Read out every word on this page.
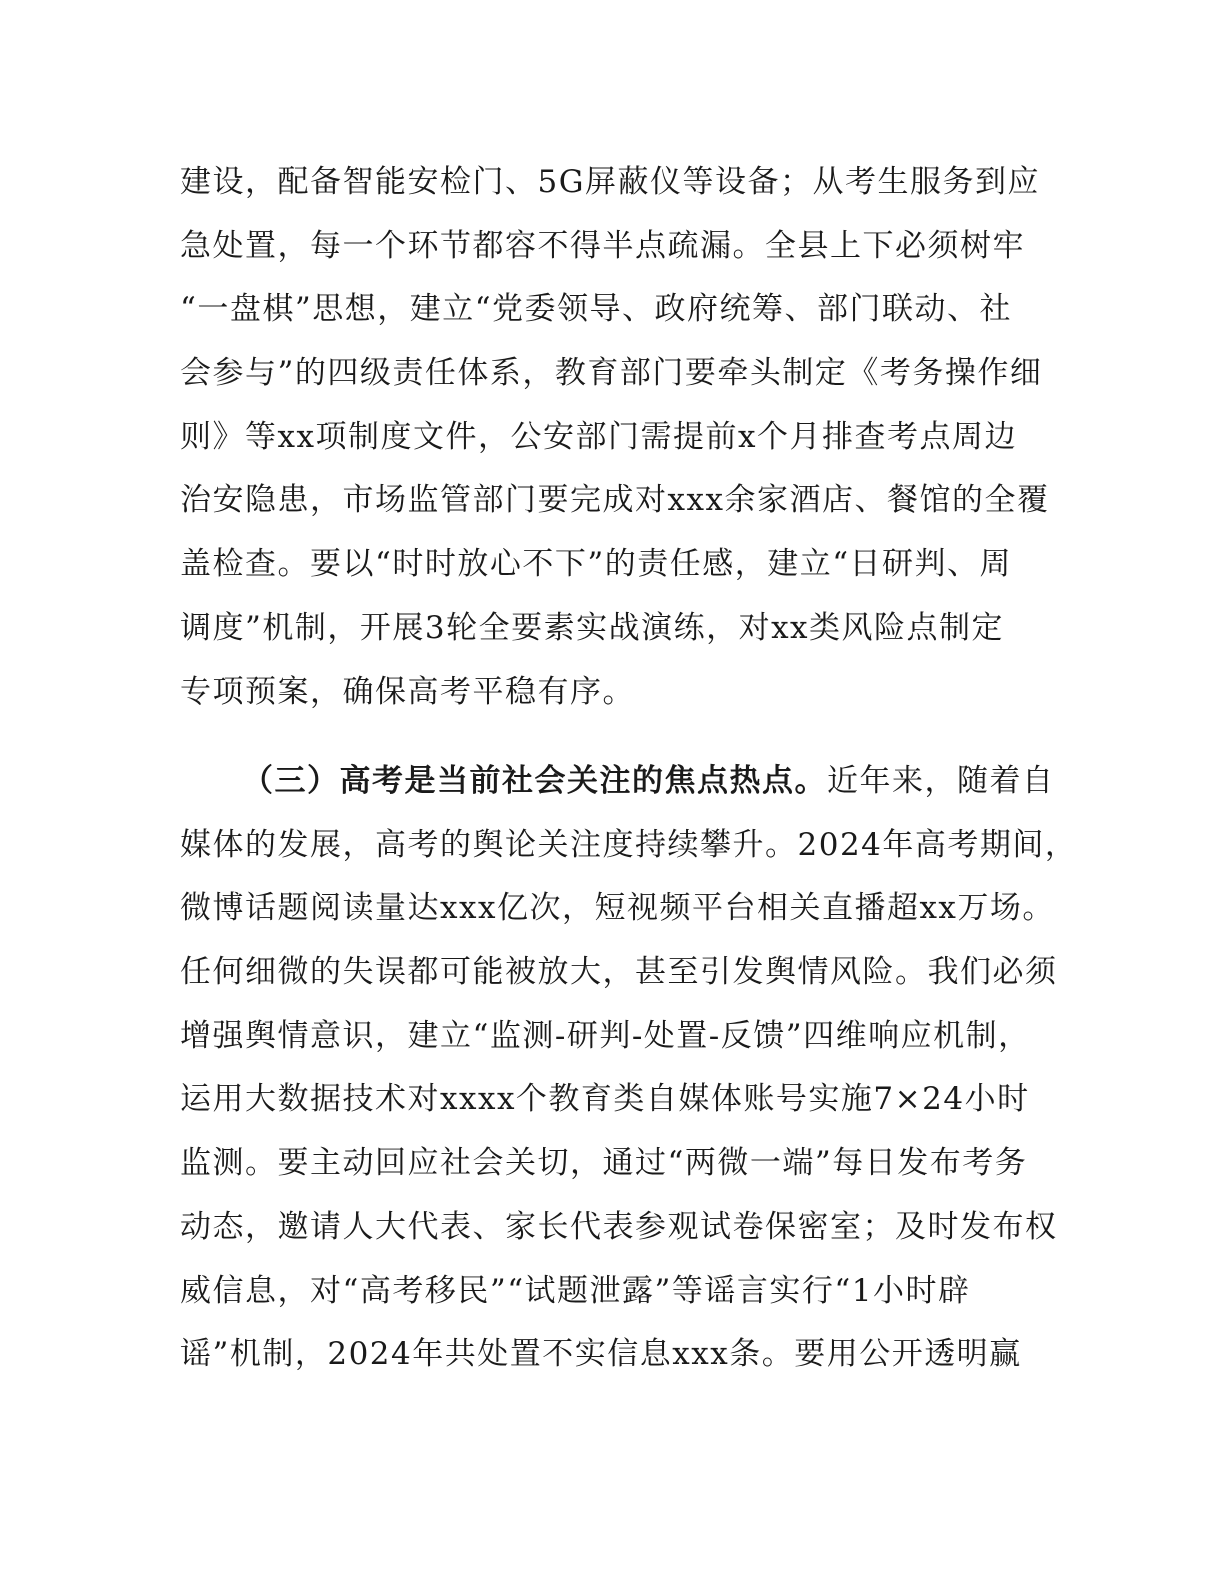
建设，配备智能安检门、5G屏蔽仪等设备；从考生服务到应
急处置，每一个环节都容不得半点疏漏。全县上下必须树牢
“一盘棋”思想，建立“党委领导、政府统筹、部门联动、社
会参与”的四级责任体系，教育部门要牵头制定《考务操作细
则》等xx项制度文件，公安部门需提前x个月排查考点周边
治安隐患，市场监管部门要完成对xxx余家酒店、餐馆的全覆
盖检查。要以“时时放心不下”的责任感，建立“日研判、周
调度”机制，开展3轮全要素实战演练，对xx类风险点制定
专项预案，确保高考平稳有序。
（三）高考是当前社会关注的焦点热点。近年来，随着自
媒体的发展，高考的舆论关注度持续攀升。2024年高考期间，
微博话题阅读量达xxx亿次，短视频平台相关直播超xx万场。
任何细微的失误都可能被放大，甚至引发舆情风险。我们必须
增强舆情意识，建立“监测-研判-处置-反馈”四维响应机制，
运用大数据技术对xxxx个教育类自媒体账号实施7×24小时
监测。要主动回应社会关切，通过“两微一端”每日发布考务
动态，邀请人大代表、家长代表参观试卷保密室；及时发布权
威信息，对“高考移民”“试题泄露”等谣言实行“1小时辟
谣”机制，2024年共处置不实信息xxx条。要用公开透明赢
